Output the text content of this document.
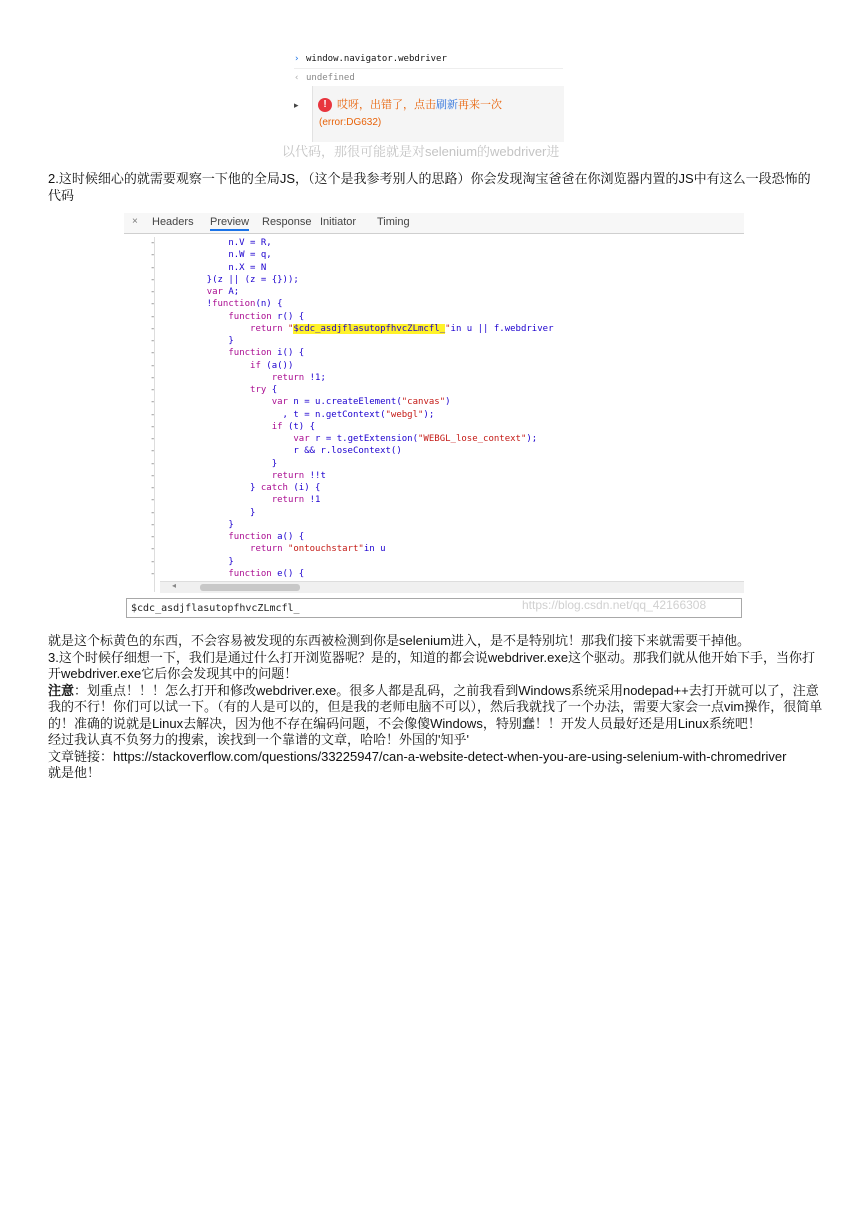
› window.navigator.webdriver
‹ undefined
▸	! 哎呀，出错了，点击刷新再来一次
(error:DG632)
以代码，那很可能就是对selenium的webdriver进
2.这时候细心的就需要观察一下他的全局JS，（这个是我参考别人的思路）你会发现淘宝爸爸在你浏览器内置的JS中有这么一段恐怖的代码
× Headers Preview Response Initiator Timing
-	n.V = R,
-	n.W = q,
-	n.X = N
-	}(z || (z = {}));
-	var A;
-	!function(n) {
-	function r() {
-	return "$cdc_asdjflasutopfhvcZLmcfl_"in u || f.webdriver
-	}
-	function i() {
-	if (a())
-	return !1;
-	try {
-	var n = u.createElement("canvas")
-	, t = n.getContext("webgl");
-	if (t) {
-	var r = t.getExtension("WEBGL_lose_context");
-	r && r.loseContext()
-	}
-	return !!t
-	} catch (i) {
-	return !1
-	}
-	}
-	function a() {
-	return "ontouchstart"in u
-	}
-	function e() {
◂
$cdc_asdjflasutopfhvcZLmcfl_	https://blog.csdn.net/qq_42166308

就是这个标黄色的东西，不会容易被发现的东西被检测到你是selenium进入，是不是特别坑！那我们接下来就需要干掉他。

3.这个时候仔细想一下，我们是通过什么打开浏览器呢？是的，知道的都会说webdriver.exe这个驱动。那我们就从他开始下手，当你打开webdriver.exe它后你会发现其中的问题！

注意：划重点！！！怎么打开和修改webdriver.exe。很多人都是乱码，之前我看到Windows系统采用nodepad++去打开就可以了，注意我的不行！你们可以试一下。（有的人是可以的，但是我的老师电脑不可以），然后我就找了一个办法，需要大家会一点vim操作，很简单的！准确的说就是Linux去解决，因为他不存在编码问题，不会像傻Windows，特别蠢！！开发人员最好还是用Linux系统吧！

经过我认真不负努力的搜索，诶找到一个靠谱的文章，哈哈！外国的'知乎'

文章链接：https://stackoverflow.com/questions/33225947/can-a-website-detect-when-you-are-using-selenium-with-chromedriver

就是他！
